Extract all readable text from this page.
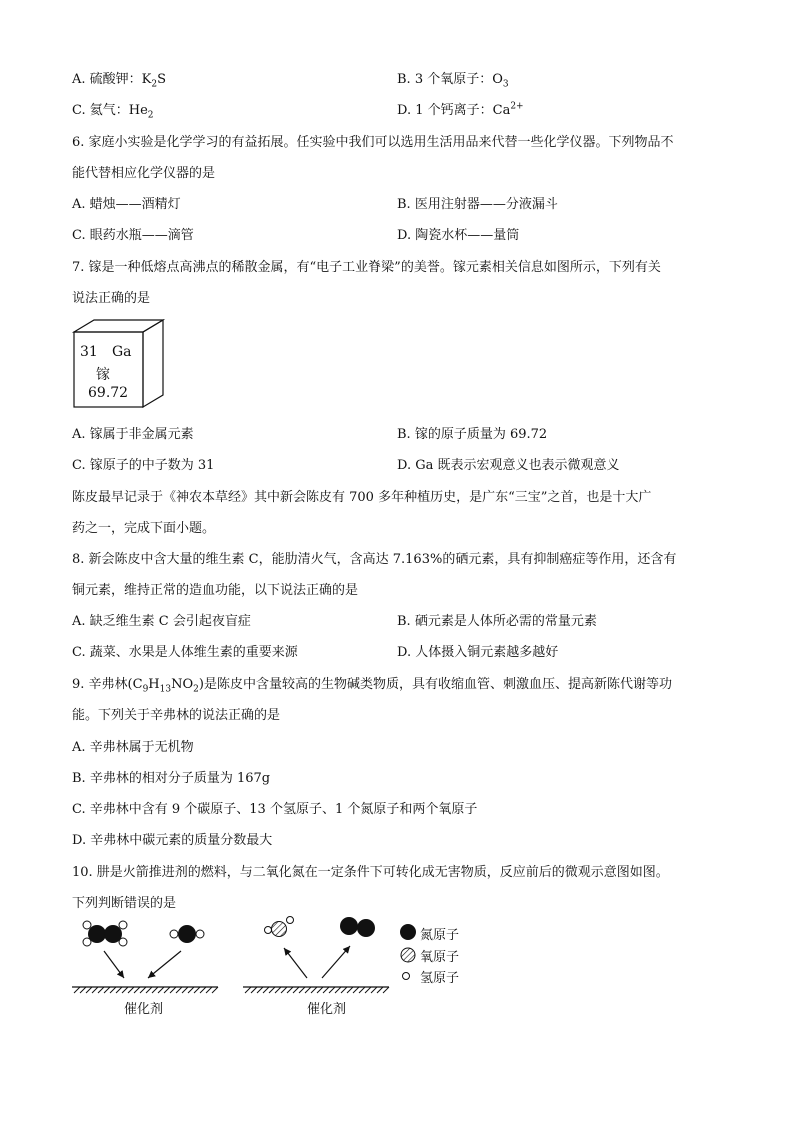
A. 硫酸钾：$K_2S$	B. 3 个氧原子：$O_3$
C. 氦气：$He_2$	D. 1 个钙离子：$Ca^{2+}$
6. 家庭小实验是化学学习的有益拓展。任实验中我们可以选用生活用品来代替一些化学仪器。下列物品不
能代替相应化学仪器的是
A. 蜡烛——酒精灯	B. 医用注射器——分液漏斗
C. 眼药水瓶——滴管	D. 陶瓷水杯——量筒
7. 镓是一种低熔点高沸点的稀散金属，有“电子工业脊梁”的美誉。镓元素相关信息如图所示，下列有关
说法正确的是
31 Ga
镓
69.72
A. 镓属于非金属元素	B. 镓的原子质量为 69.72
C. 镓原子的中子数为 31	D. Ga 既表示宏观意义也表示微观意义
陈皮最早记录于《神农本草经》其中新会陈皮有 700 多年种植历史，是广东“三宝”之首，也是十大广
药之一，完成下面小题。
8. 新会陈皮中含大量的维生素 C，能肋清火气，含高达 7.163%的硒元素，具有抑制癌症等作用，还含有
铜元素，维持正常的造血功能，以下说法正确的是
A. 缺乏维生素 C 会引起夜盲症	B. 硒元素是人体所必需的常量元素
C. 蔬菜、水果是人体维生素的重要来源	D. 人体摄入铜元素越多越好
9. 辛弗林$(C_9H_{13}NO_2)$是陈皮中含量较高的生物碱类物质，具有收缩血管、刺激血压、提高新陈代谢等功
能。下列关于辛弗林的说法正确的是
A. 辛弗林属于无机物
B. 辛弗林的相对分子质量为 167g
C. 辛弗林中含有 9 个碳原子、13 个氢原子、1 个氮原子和两个氧原子
D. 辛弗林中碳元素的质量分数最大
10. 肼是火箭推进剂的燃料，与二氧化氮在一定条件下可转化成无害物质，反应前后的微观示意图如图。
下列判断错误的是
催化剂	催化剂
氮原子
氧原子
氢原子
